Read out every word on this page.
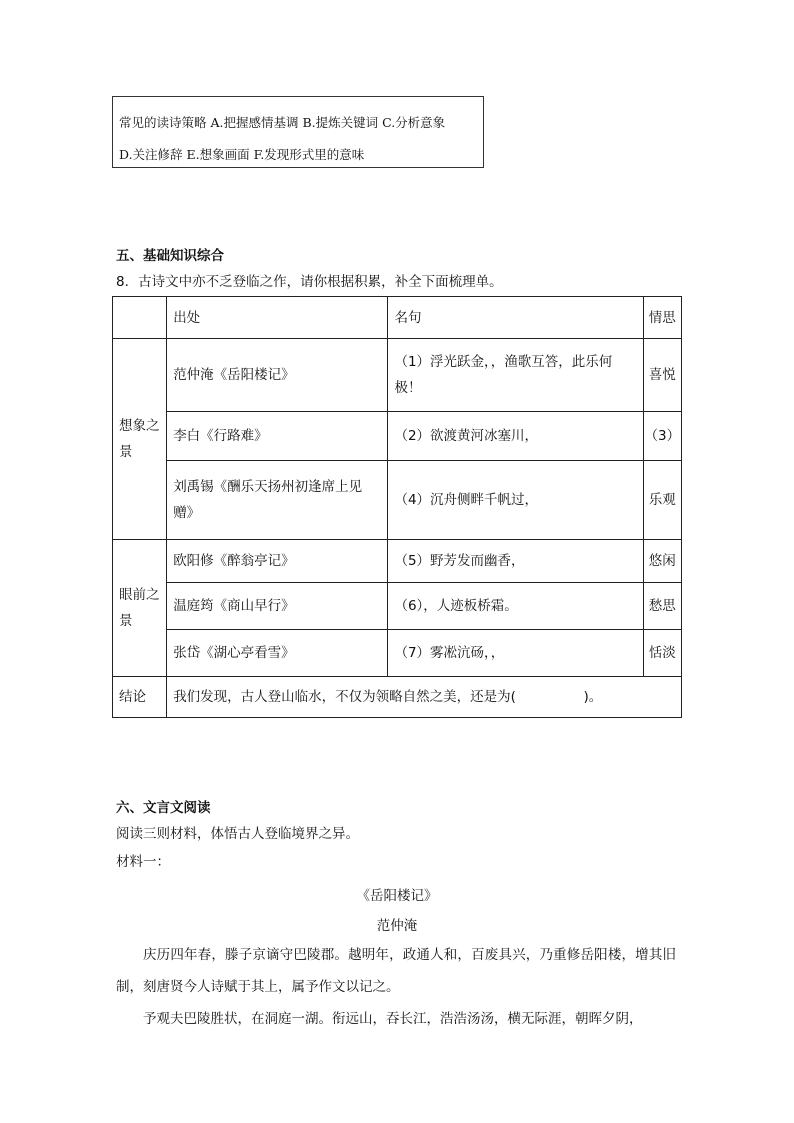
常见的读诗策略 A.把握感情基调 B.提炼关键词 C.分析意象
D.关注修辞 E.想象画面 F.发现形式里的意味
五、基础知识综合
8．古诗文中亦不乏登临之作，请你根据积累，补全下面梳理单。
	出处	名句	情思
想象之景	范仲淹《岳阳楼记》	（1）浮光跃金，，渔歌互答，此乐何极！	喜悦
	李白《行路难》	（2）欲渡黄河冰塞川，	（3）
	刘禹锡《酬乐天扬州初逢席上见赠》	（4）沉舟侧畔千帆过，	乐观
眼前之景	欧阳修《醉翁亭记》	（5）野芳发而幽香，	悠闲
	温庭筠《商山早行》	（6），人迹板桥霜。	愁思
	张岱《湖心亭看雪》	（7）雾凇沆砀，，	恬淡
结论	我们发现，古人登山临水，不仅为领略自然之美，还是为(　　　　　)。		
六、文言文阅读
阅读三则材料，体悟古人登临境界之异。
材料一：
《岳阳楼记》
范仲淹
庆历四年春，滕子京谪守巴陵郡。越明年，政通人和，百废具兴，乃重修岳阳楼，增其旧制，刻唐贤今人诗赋于其上，属予作文以记之。
予观夫巴陵胜状，在洞庭一湖。衔远山，吞长江，浩浩汤汤，横无际涯，朝晖夕阴，
